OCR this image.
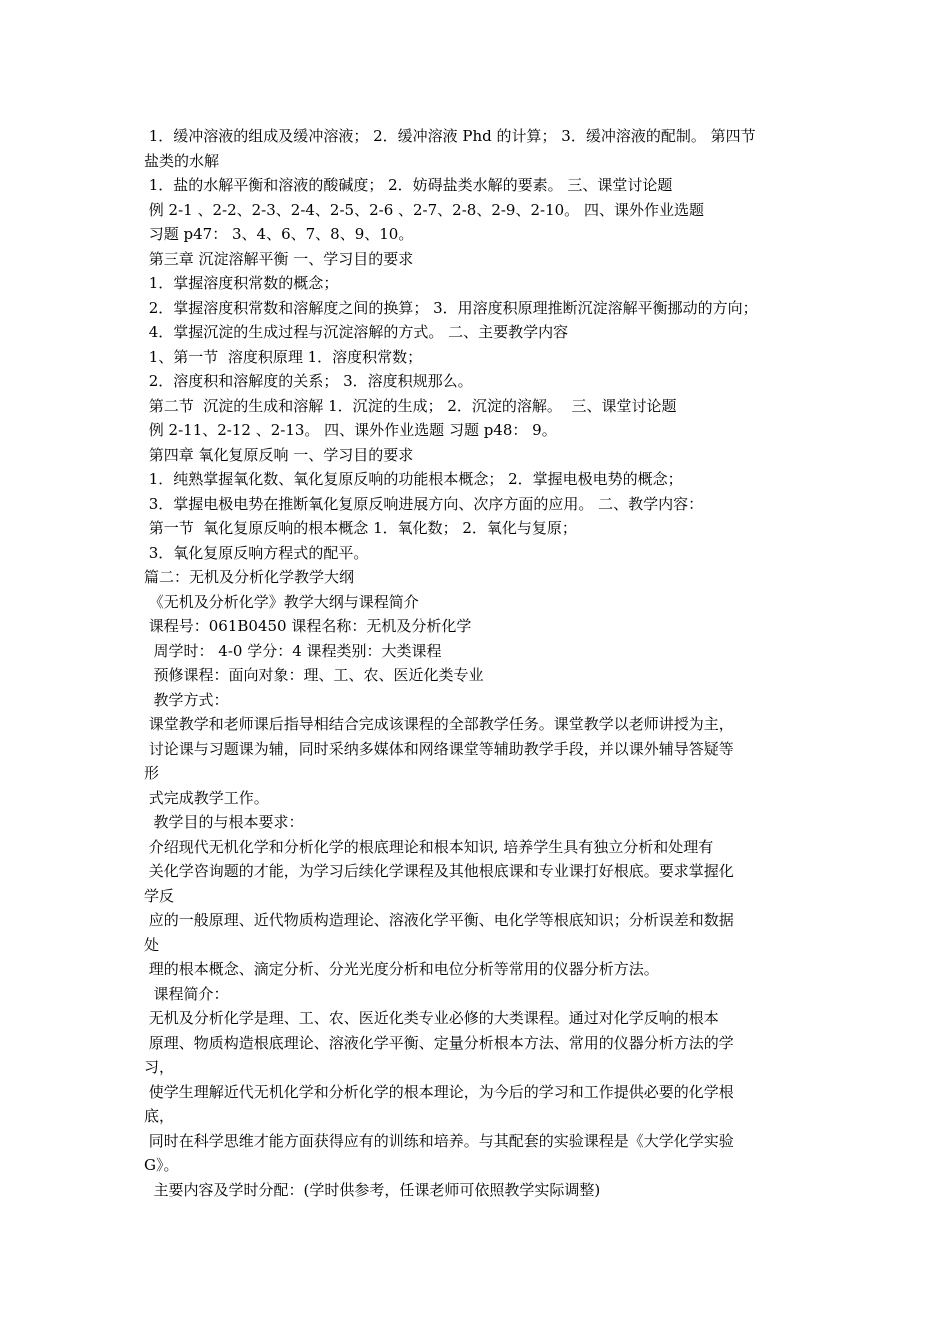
1．缓冲溶液的组成及缓冲溶液； 2．缓冲溶液 Phd 的计算； 3．缓冲溶液的配制。 第四节
盐类的水解
1．盐的水解平衡和溶液的酸碱度； 2．妨碍盐类水解的要素。 三、课堂讨论题
例 2-1 、2-2、2-3、2-4、2-5、2-6 、2-7、2-8、2-9、2-10。 四、课外作业选题
习题 p47： 3、4、6、7、8、9、10。
第三章 沉淀溶解平衡 一、学习目的要求
1．掌握溶度积常数的概念；
2．掌握溶度积常数和溶解度之间的换算； 3．用溶度积原理推断沉淀溶解平衡挪动的方向；
4．掌握沉淀的生成过程与沉淀溶解的方式。 二、主要教学内容
1、第一节  溶度积原理 1．溶度积常数；
2．溶度积和溶解度的关系； 3．溶度积规那么。
第二节  沉淀的生成和溶解 1．沉淀的生成； 2．沉淀的溶解。  三、课堂讨论题
例 2-11、2-12 、2-13。 四、课外作业选题 习题 p48： 9。
第四章 氧化复原反响 一、学习目的要求
1．纯熟掌握氧化数、氧化复原反响的功能根本概念； 2．掌握电极电势的概念；
3．掌握电极电势在推断氧化复原反响进展方向、次序方面的应用。 二、教学内容：
第一节  氧化复原反响的根本概念 1．氧化数； 2．氧化与复原；
3．氧化复原反响方程式的配平。
篇二：无机及分析化学教学大纲
《无机及分析化学》教学大纲与课程简介
课程号：061B0450 课程名称：无机及分析化学
周学时： 4-0 学分：4 课程类别：大类课程
预修课程：面向对象：理、工、农、医近化类专业
教学方式：
课堂教学和老师课后指导相结合完成该课程的全部教学任务。课堂教学以老师讲授为主，
讨论课与习题课为辅，同时采纳多媒体和网络课堂等辅助教学手段，并以课外辅导答疑等
形
式完成教学工作。
教学目的与根本要求：
介绍现代无机化学和分析化学的根底理论和根本知识, 培养学生具有独立分析和处理有
关化学咨询题的才能，为学习后续化学课程及其他根底课和专业课打好根底。要求掌握化
学反
应的一般原理、近代物质构造理论、溶液化学平衡、电化学等根底知识；分析误差和数据
处
理的根本概念、滴定分析、分光光度分析和电位分析等常用的仪器分析方法。
课程简介：
无机及分析化学是理、工、农、医近化类专业必修的大类课程。通过对化学反响的根本
原理、物质构造根底理论、溶液化学平衡、定量分析根本方法、常用的仪器分析方法的学
习，
使学生理解近代无机化学和分析化学的根本理论，为今后的学习和工作提供必要的化学根
底，
同时在科学思维才能方面获得应有的训练和培养。与其配套的实验课程是《大学化学实验
G》。
主要内容及学时分配：(学时供参考，任课老师可依照教学实际调整)
